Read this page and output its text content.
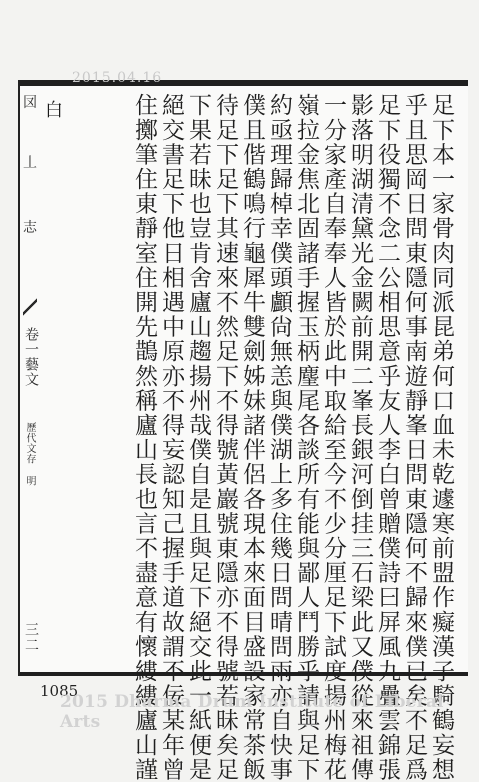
2015.04.16
㘝
丄
志
卷一藝文
歷代文存 明
三二
白	足下本一家骨肉同派昆弟何口血未乾遽寒前盟作癡漢子騎鶴妄想
乎且思岡日問東隱何事南遊靜峯日問東隱何不歸來僕已矣不足爲
足下役獨不念二公相思意乎友人李白曾贈僕詩曰屏風九疊雲錦張
影落明湖清黛光金闕前開二峯長銀河倒挂三石梁此又僕從來祖傳
一分家產自奉奉人皆於此中取給至今不少分厘足下試度揚州梅花
嶺拉金焦北固諸手握玉柄麈尾各談所有能與鄙人鬥勝乎請與足下
約亟理歸棹幸僕頭顱尙無恙與僕湖上多住幾日問晴問雨亦自快事
僕且偕鶴鳴行龜犀牛雙劍姊妹諸伴侶各現本來面目盛設家常茶飯
待足下足下其速來不然足下不得號黃巖號東隱亦不得號若昧矣足
下果若昧也豈肯舍廬山趨揚州哉僕自是且與足下絕交此一紙便是
絕交書足下他日相遇中原亦不得妄認知己握手道故謂不佞某年曾
住擲筆住東靜室住開先鵲然稱廬山長也言不盡意有懷縷縷廬山謹
1085
2015 Dharma Drum Institute of Liberal Arts
